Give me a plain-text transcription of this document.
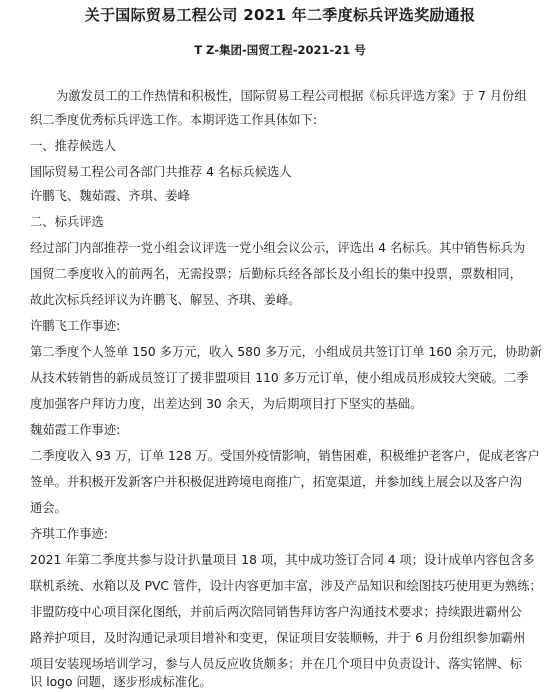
关于国际贸易工程公司 2021 年二季度标兵评选奖励通报
T Z-集团-国贸工程-2021-21 号
为激发员工的工作热情和积极性，国际贸易工程公司根据《标兵评选方案》于 7 月份组
织二季度优秀标兵评选工作。本期评选工作具体如下:
一、推荐候选人
国际贸易工程公司各部门共推荐 4 名标兵候选人
许鹏飞、魏茹霞、齐琪、姜峰
二、标兵评选
经过部门内部推荐一党小组会议评选一党小组会议公示，评选出 4 名标兵。其中销售标兵为
国贸二季度收入的前两名，无需投票；后勤标兵经各部长及小组长的集中投票，票数相同，
故此次标兵经评议为许鹏飞、解昱、齐琪、姜峰。
许鹏飞工作事迹:
第二季度个人签单 150 多万元，收入 580 多万元，小组成员共签订订单 160 余万元，协助新
从技术转销售的新成员签订了援非盟项目 110 多万元订单，使小组成员形成较大突破。二季
度加强客户拜访力度，出差达到 30 余天，为后期项目打下坚实的基础。
魏茹霞工作事迹:
二季度收入 93 万，订单 128 万。受国外疫情影响，销售困难，积极维护老客户，促成老客户
签单。并积极开发新客户并积极促进跨境电商推广，拓宽渠道，并参加线上展会以及客户沟
通会。
齐琪工作事迹:
2021 年第二季度共参与设计扒量项目 18 项，其中成功签订合同 4 项；设计成单内容包含多
联机系统、水箱以及 PVC 管件，设计内容更加丰富，涉及产品知识和绘图技巧使用更为熟练；
非盟防疫中心项目深化图纸，并前后两次陪同销售拜访客户沟通技术要求；持续跟进霸州公
路养护项目，及时沟通记录项目增补和变更，保证项目安装顺畅，并于 6 月份组织参加霸州
项目安装现场培训学习，参与人员反应收货颇多；并在几个项目中负责设计、落实铭牌、标
识 logo 问题，逐步形成标准化。
